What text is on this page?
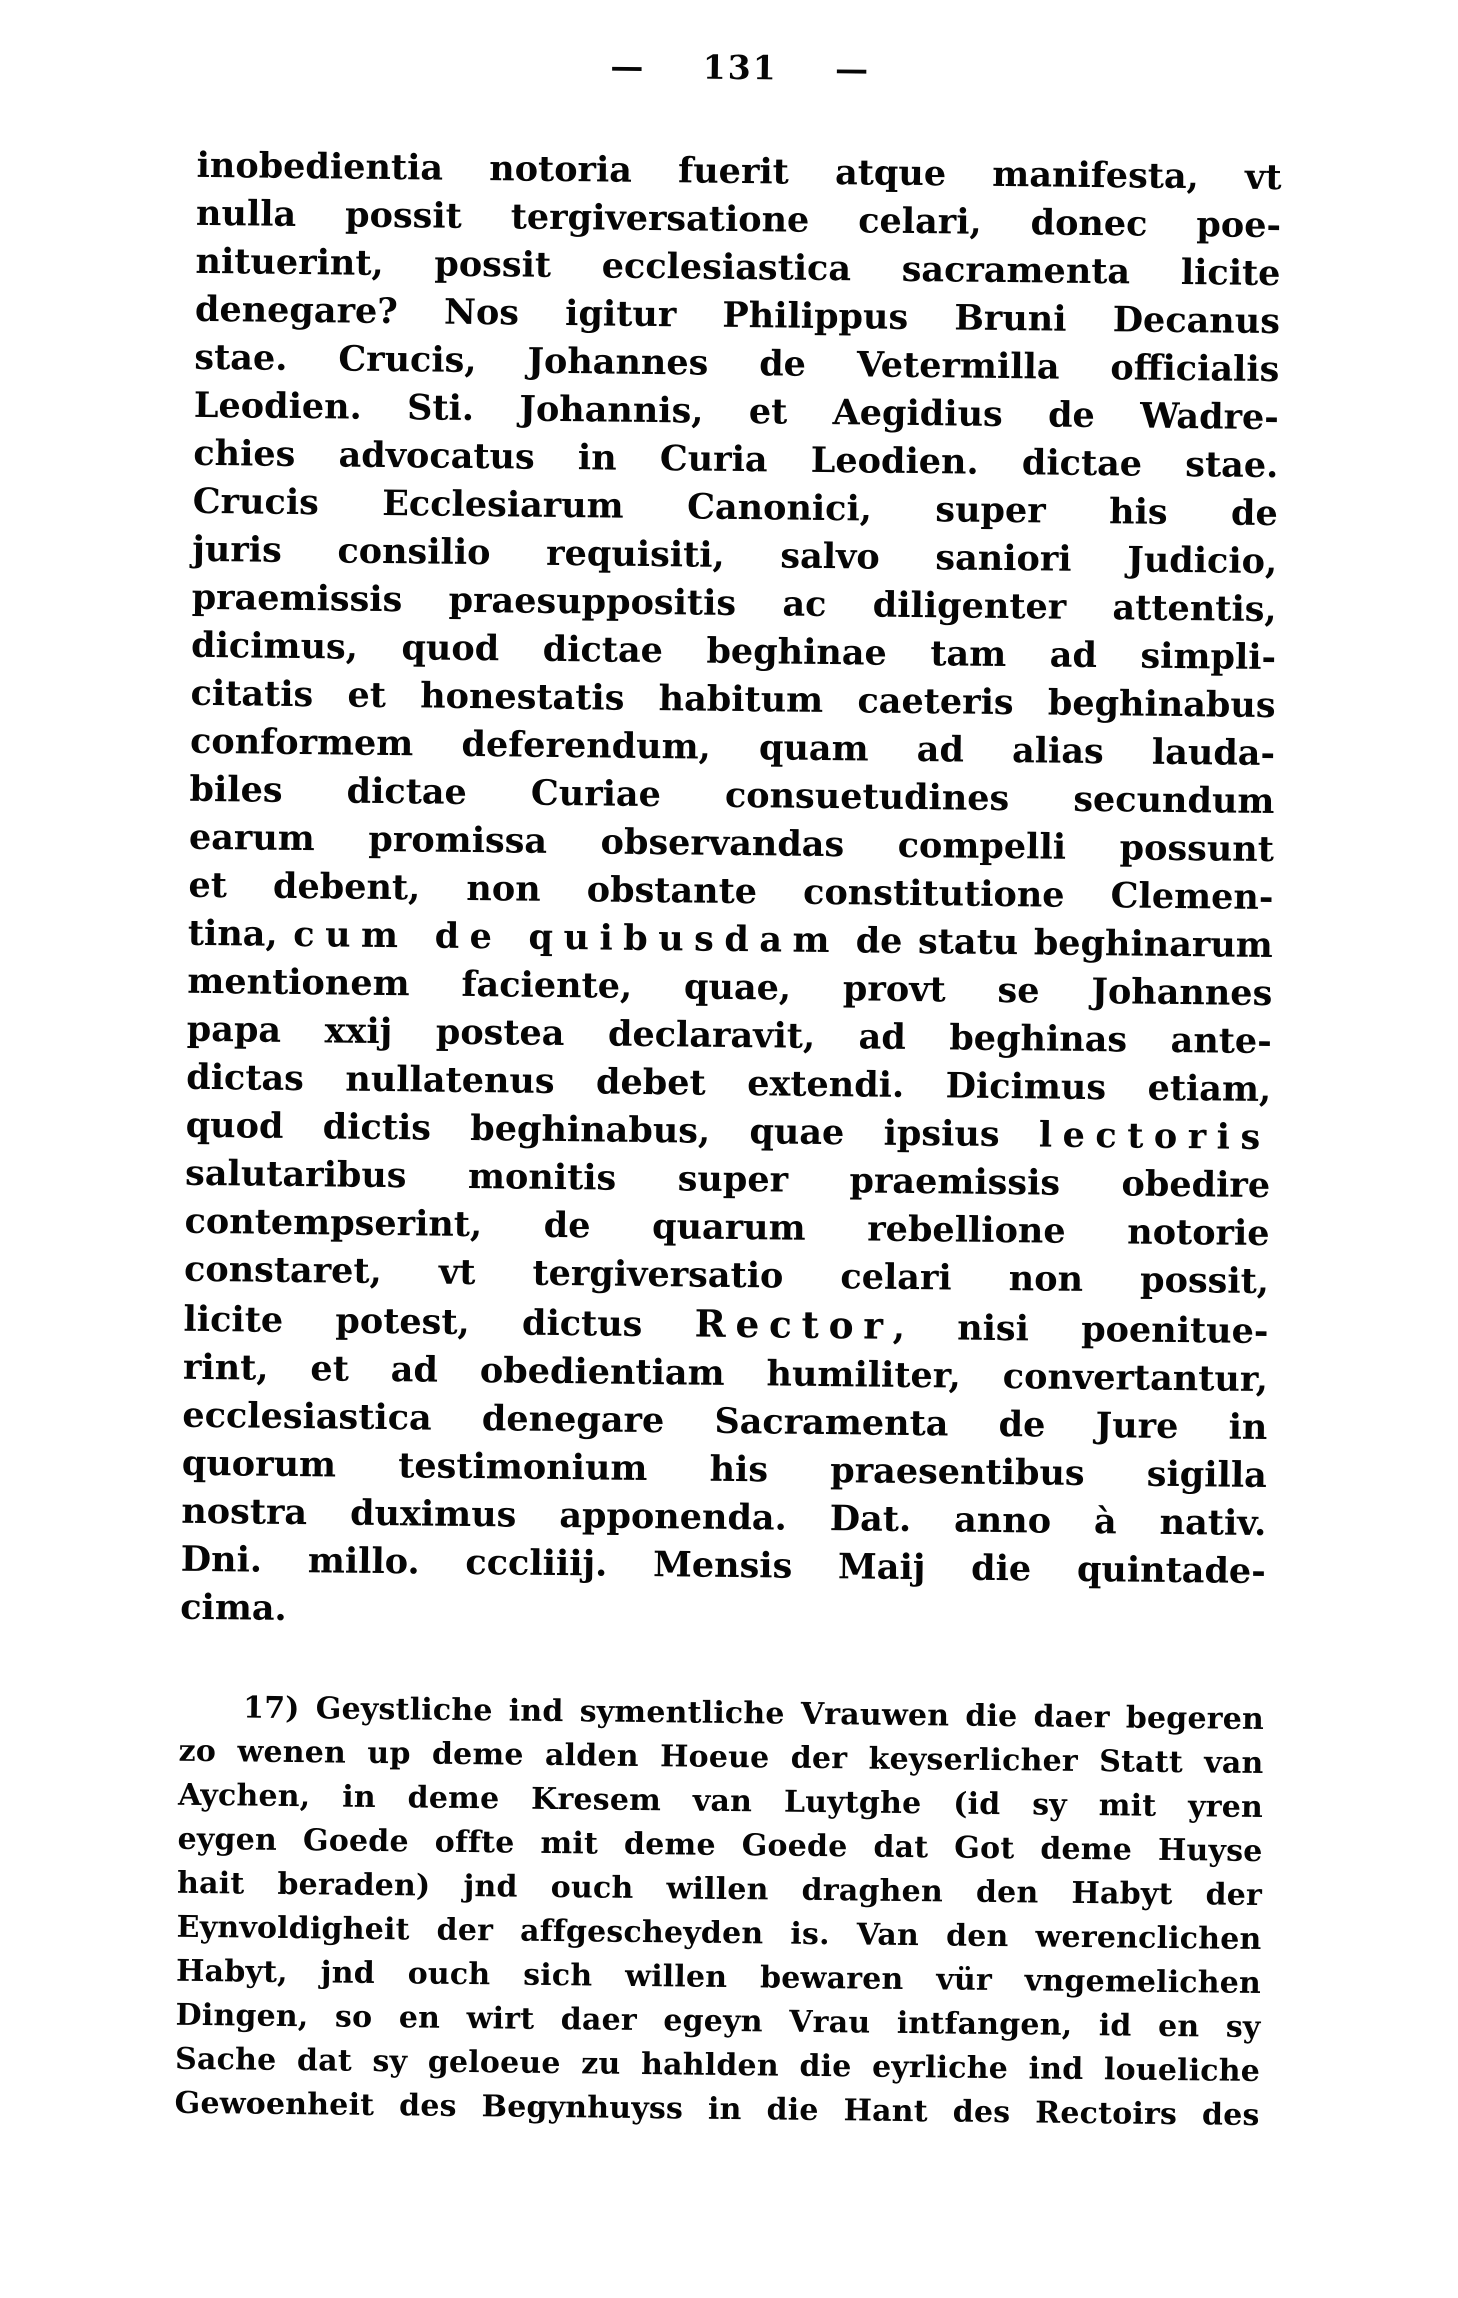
— 131 —
inobedientia notoria fuerit atque manifesta, vt
nulla possit tergiversatione celari, donec poe-
nituerint, possit ecclesiastica sacramenta licite
denegare? Nos igitur Philippus Bruni Decanus
stae. Crucis, Johannes de Vetermilla officialis
Leodien. Sti. Johannis, et Aegidius de Wadre-
chies advocatus in Curia Leodien. dictae stae.
Crucis Ecclesiarum Canonici, super his de
juris consilio requisiti, salvo saniori Judicio,
praemissis praesuppositis ac diligenter attentis,
dicimus, quod dictae beghinae tam ad simpli-
citatis et honestatis habitum caeteris beghinabus
conformem deferendum, quam ad alias lauda-
biles dictae Curiae consuetudines secundum
earum promissa observandas compelli possunt
et debent, non obstante constitutione Clemen-
tina, cum de quibusdam de statu beghinarum
mentionem faciente, quae, provt se Johannes
papa xxij postea declaravit, ad beghinas ante-
dictas nullatenus debet extendi. Dicimus etiam,
quod dictis beghinabus, quae ipsius lectoris
salutaribus monitis super praemissis obedire
contempserint, de quarum rebellione notorie
constaret, vt tergiversatio celari non possit,
licite potest, dictus Rector, nisi poenitue-
rint, et ad obedientiam humiliter, convertantur,
ecclesiastica denegare Sacramenta de Jure in
quorum testimonium his praesentibus sigilla
nostra duximus apponenda. Dat. anno à nativ.
Dni. millo. cccliiij. Mensis Maij die quintade-
cima.
17) Geystliche ind symentliche Vrauwen die daer begeren
zo wenen up deme alden Hoeue der keyserlicher Statt van
Aychen, in deme Kresem van Luytghe (id sy mit yren
eygen Goede offte mit deme Goede dat Got deme Huyse
hait beraden) jnd ouch willen draghen den Habyt der
Eynvoldigheit der affgescheyden is. Van den werenclichen
Habyt, jnd ouch sich willen bewaren vür vngemelichen
Dingen, so en wirt daer egeyn Vrau intfangen, id en sy
Sache dat sy geloeue zu hahlden die eyrliche ind loueliche
Gewoenheit des Begynhuyss in die Hant des Rectoirs des
